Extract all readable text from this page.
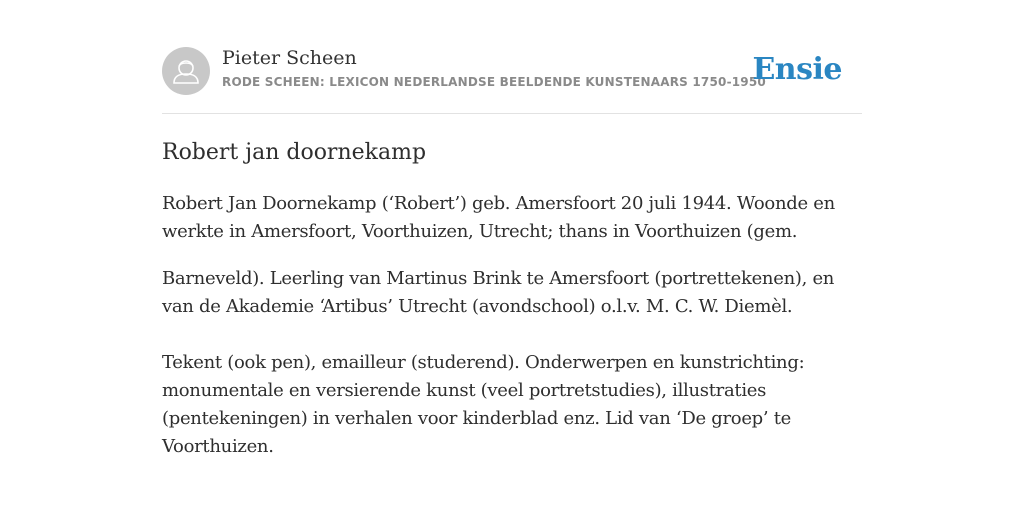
Pieter Scheen
RODE SCHEEN: LEXICON NEDERLANDSE BEELDENDE KUNSTENAARS 1750-1950
Ensie
Robert jan doornekamp

Robert Jan Doornekamp (‘Robert’) geb. Amersfoort 20 juli 1944. Woonde en werkte in Amersfoort, Voorthuizen, Utrecht; thans in Voorthuizen (gem.

Barneveld). Leerling van Martinus Brink te Amersfoort (portrettekenen), en van de Akademie ‘Artibus’ Utrecht (avondschool) o.l.v. M. C. W. Diemèl.

Tekent (ook pen), emailleur (studerend). Onderwerpen en kunstrichting: monumentale en versierende kunst (veel portretstudies), illustraties (pentekeningen) in verhalen voor kinderblad enz. Lid van ‘De groep’ te Voorthuizen.
